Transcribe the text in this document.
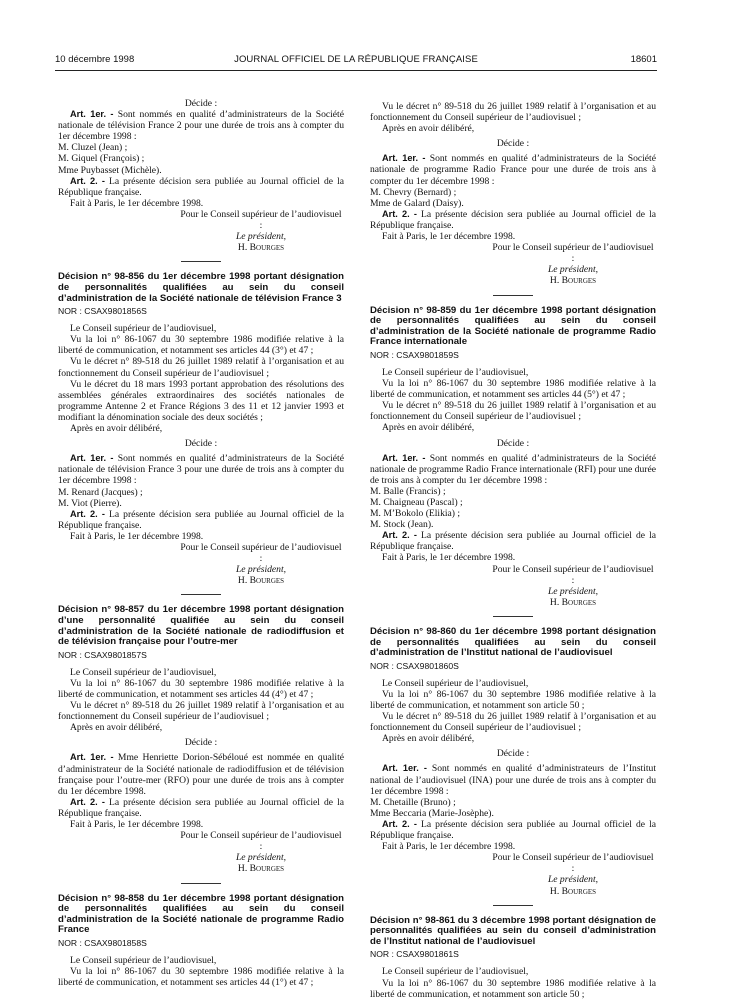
10 décembre 1998	JOURNAL OFFICIEL DE LA RÉPUBLIQUE FRANÇAISE	18601

Décide :

Art. 1er. - Sont nommés en qualité d’administrateurs de la Société nationale de télévision France 2 pour une durée de trois ans à compter du 1er décembre 1998 :

M. Cluzel (Jean) ;

M. Giquel (François) ;

Mme Puybasset (Michèle).

Art. 2. - La présente décision sera publiée au Journal officiel de la République française.

Fait à Paris, le 1er décembre 1998.

Pour le Conseil supérieur de l’audiovisuel :

Le président,

H. Bourges

Décision n° 98-856 du 1er décembre 1998 portant désignation de personnalités qualifiées au sein du conseil d’administration de la Société nationale de télévision France 3

NOR : CSAX9801856S

Le Conseil supérieur de l’audiovisuel,

Vu la loi n° 86-1067 du 30 septembre 1986 modifiée relative à la liberté de communication, et notamment ses articles 44 (3°) et 47 ;

Vu le décret n° 89-518 du 26 juillet 1989 relatif à l’organisation et au fonctionnement du Conseil supérieur de l’audiovisuel ;

Vu le décret du 18 mars 1993 portant approbation des résolutions des assemblées générales extraordinaires des sociétés nationales de programme Antenne 2 et France Régions 3 des 11 et 12 janvier 1993 et modifiant la dénomination sociale des deux sociétés ;

Après en avoir délibéré,

Décide :

Art. 1er. - Sont nommés en qualité d’administrateurs de la Société nationale de télévision France 3 pour une durée de trois ans à compter du 1er décembre 1998 :

M. Renard (Jacques) ;

M. Viot (Pierre).

Art. 2. - La présente décision sera publiée au Journal officiel de la République française.

Fait à Paris, le 1er décembre 1998.

Pour le Conseil supérieur de l’audiovisuel :

Le président,

H. Bourges

Décision n° 98-857 du 1er décembre 1998 portant désignation d’une personnalité qualifiée au sein du conseil d’administration de la Société nationale de radiodiffusion et de télévision française pour l’outre-mer

NOR : CSAX9801857S

Le Conseil supérieur de l’audiovisuel,

Vu la loi n° 86-1067 du 30 septembre 1986 modifiée relative à la liberté de communication, et notamment ses articles 44 (4°) et 47 ;

Vu le décret n° 89-518 du 26 juillet 1989 relatif à l’organisation et au fonctionnement du Conseil supérieur de l’audiovisuel ;

Après en avoir délibéré,

Décide :

Art. 1er. - Mme Henriette Dorion-Sébéloué est nommée en qualité d’administrateur de la Société nationale de radiodiffusion et de télévision française pour l’outre-mer (RFO) pour une durée de trois ans à compter du 1er décembre 1998.

Art. 2. - La présente décision sera publiée au Journal officiel de la République française.

Fait à Paris, le 1er décembre 1998.

Pour le Conseil supérieur de l’audiovisuel :

Le président,

H. Bourges

Décision n° 98-858 du 1er décembre 1998 portant désignation de personnalités qualifiées au sein du conseil d’administration de la Société nationale de programme Radio France

NOR : CSAX9801858S

Le Conseil supérieur de l’audiovisuel,

Vu la loi n° 86-1067 du 30 septembre 1986 modifiée relative à la liberté de communication, et notamment ses articles 44 (1°) et 47 ;

Vu le décret n° 89-518 du 26 juillet 1989 relatif à l’organisation et au fonctionnement du Conseil supérieur de l’audiovisuel ;

Après en avoir délibéré,

Décide :

Art. 1er. - Sont nommés en qualité d’administrateurs de la Société nationale de programme Radio France pour une durée de trois ans à compter du 1er décembre 1998 :

M. Chevry (Bernard) ;

Mme de Galard (Daisy).

Art. 2. - La présente décision sera publiée au Journal officiel de la République française.

Fait à Paris, le 1er décembre 1998.

Pour le Conseil supérieur de l’audiovisuel :

Le président,

H. Bourges

Décision n° 98-859 du 1er décembre 1998 portant désignation de personnalités qualifiées au sein du conseil d’administration de la Société nationale de programme Radio France internationale

NOR : CSAX9801859S

Le Conseil supérieur de l’audiovisuel,

Vu la loi n° 86-1067 du 30 septembre 1986 modifiée relative à la liberté de communication, et notamment ses articles 44 (5°) et 47 ;

Vu le décret n° 89-518 du 26 juillet 1989 relatif à l’organisation et au fonctionnement du Conseil supérieur de l’audiovisuel ;

Après en avoir délibéré,

Décide :

Art. 1er. - Sont nommés en qualité d’administrateurs de la Société nationale de programme Radio France internationale (RFI) pour une durée de trois ans à compter du 1er décembre 1998 :

M. Balle (Francis) ;

M. Chaigneau (Pascal) ;

M. M’Bokolo (Elikia) ;

M. Stock (Jean).

Art. 2. - La présente décision sera publiée au Journal officiel de la République française.

Fait à Paris, le 1er décembre 1998.

Pour le Conseil supérieur de l’audiovisuel :

Le président,

H. Bourges

Décision n° 98-860 du 1er décembre 1998 portant désignation de personnalités qualifiées au sein du conseil d’administration de l’Institut national de l’audiovisuel

NOR : CSAX9801860S

Le Conseil supérieur de l’audiovisuel,

Vu la loi n° 86-1067 du 30 septembre 1986 modifiée relative à la liberté de communication, et notamment son article 50 ;

Vu le décret n° 89-518 du 26 juillet 1989 relatif à l’organisation et au fonctionnement du Conseil supérieur de l’audiovisuel ;

Après en avoir délibéré,

Décide :

Art. 1er. - Sont nommés en qualité d’administrateurs de l’Institut national de l’audiovisuel (INA) pour une durée de trois ans à compter du 1er décembre 1998 :

M. Chetaille (Bruno) ;

Mme Beccaria (Marie-Josèphe).

Art. 2. - La présente décision sera publiée au Journal officiel de la République française.

Fait à Paris, le 1er décembre 1998.

Pour le Conseil supérieur de l’audiovisuel :

Le président,

H. Bourges

Décision n° 98-861 du 3 décembre 1998 portant désignation de personnalités qualifiées au sein du conseil d’administration de l’Institut national de l’audiovisuel

NOR : CSAX9801861S

Le Conseil supérieur de l’audiovisuel,

Vu la loi n° 86-1067 du 30 septembre 1986 modifiée relative à la liberté de communication, et notamment son article 50 ;
